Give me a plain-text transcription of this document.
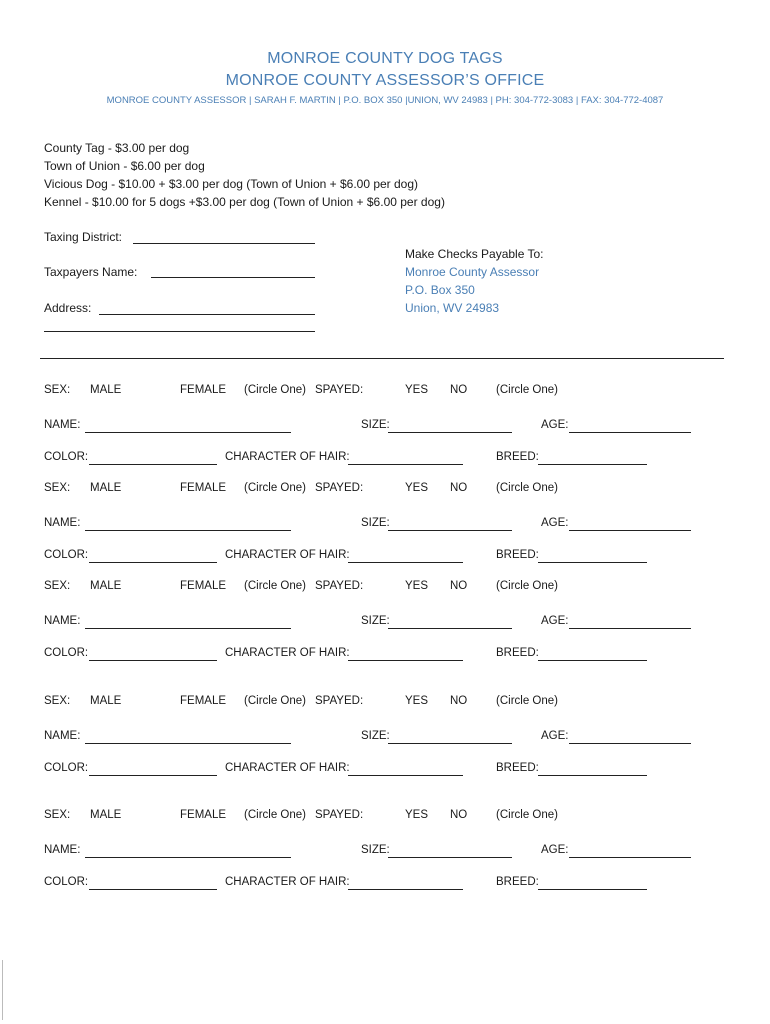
MONROE COUNTY DOG TAGS
MONROE COUNTY ASSESSOR’S OFFICE
MONROE COUNTY ASSESSOR | SARAH F. MARTIN | P.O. BOX 350 |UNION, WV 24983 | PH: 304-772-3083 | FAX: 304-772-4087
County Tag - $3.00 per dog
Town of Union - $6.00 per dog
Vicious Dog - $10.00 + $3.00 per dog (Town of Union + $6.00 per dog)
Kennel - $10.00 for 5 dogs +$3.00 per dog (Town of Union + $6.00 per dog)
Taxing District:
Taxpayers Name:
Address:
Make Checks Payable To:
Monroe County Assessor
P.O. Box 350
Union, WV 24983
SEX: MALE	FEMALE (Circle One) SPAYED:	YES NO	(Circle One)
NAME:	SIZE:	AGE:
COLOR:	CHARACTER OF HAIR:	BREED:
SEX: MALE	FEMALE (Circle One) SPAYED:	YES NO	(Circle One)
NAME:	SIZE:	AGE:
COLOR:	CHARACTER OF HAIR:	BREED:
SEX: MALE	FEMALE (Circle One) SPAYED:	YES NO	(Circle One)
NAME:	SIZE:	AGE:
COLOR:	CHARACTER OF HAIR:	BREED:
SEX: MALE	FEMALE (Circle One) SPAYED:	YES NO	(Circle One)
NAME:	SIZE:	AGE:
COLOR:	CHARACTER OF HAIR:	BREED:
SEX: MALE	FEMALE (Circle One) SPAYED:	YES NO	(Circle One)
NAME:	SIZE:	AGE:
COLOR:	CHARACTER OF HAIR:	BREED:
